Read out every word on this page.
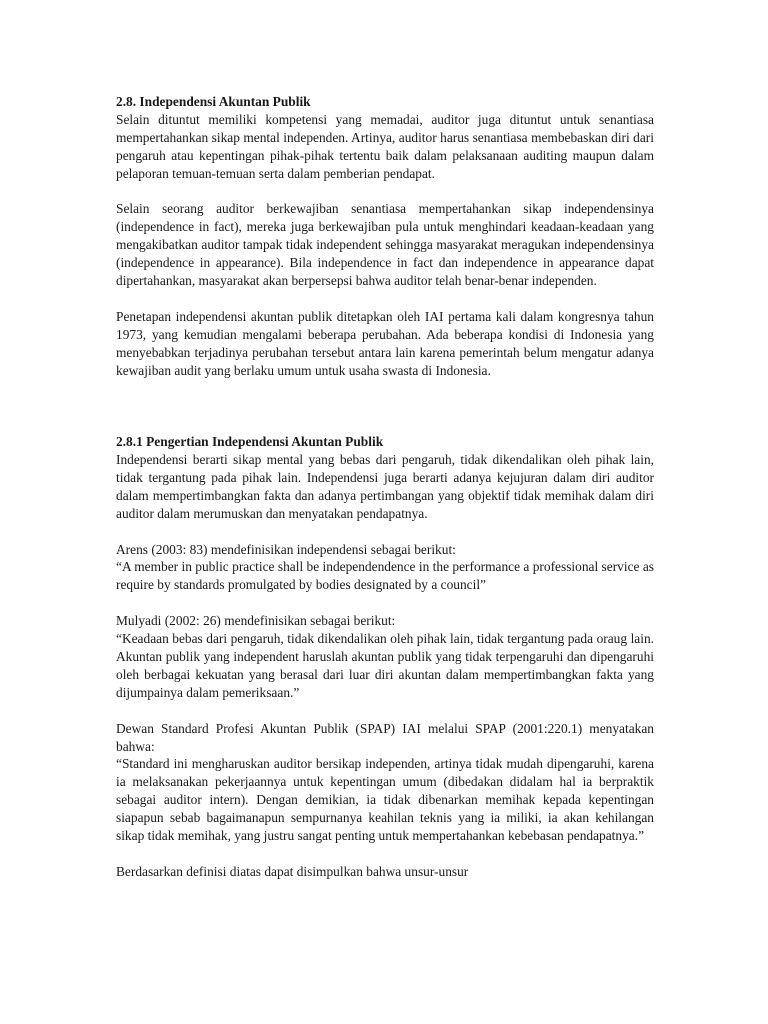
2.8. Independensi Akuntan Publik

Selain dituntut memiliki kompetensi yang memadai, auditor juga dituntut untuk senantiasa mempertahankan sikap mental independen. Artinya, auditor harus senantiasa membebaskan diri dari pengaruh atau kepentingan pihak-pihak tertentu baik dalam pelaksanaan auditing maupun dalam pelaporan temuan-temuan serta dalam pemberian pendapat.

Selain seorang auditor berkewajiban senantiasa mempertahankan sikap independensinya (independence in fact), mereka juga berkewajiban pula untuk menghindari keadaan-keadaan yang mengakibatkan auditor tampak tidak independent sehingga masyarakat meragukan independensinya (independence in appearance). Bila independence in fact dan independence in appearance dapat dipertahankan, masyarakat akan berpersepsi bahwa auditor telah benar-benar independen.

Penetapan independensi akuntan publik ditetapkan oleh IAI pertama kali dalam kongresnya tahun 1973, yang kemudian mengalami beberapa perubahan. Ada beberapa kondisi di Indonesia yang menyebabkan terjadinya perubahan tersebut antara lain karena pemerintah belum mengatur adanya kewajiban audit yang berlaku umum untuk usaha swasta di Indonesia.

2.8.1 Pengertian Independensi Akuntan Publik

Independensi berarti sikap mental yang bebas dari pengaruh, tidak dikendalikan oleh pihak lain, tidak tergantung pada pihak lain. Independensi juga berarti adanya kejujuran dalam diri auditor dalam mempertimbangkan fakta dan adanya pertimbangan yang objektif tidak memihak dalam diri auditor dalam merumuskan dan menyatakan pendapatnya.

Arens (2003: 83) mendefinisikan independensi sebagai berikut:

“A member in public practice shall be independendence in the performance a professional service as require by standards promulgated by bodies designated by a council”

Mulyadi (2002: 26) mendefinisikan sebagai berikut:

“Keadaan bebas dari pengaruh, tidak dikendalikan oleh pihak lain, tidak tergantung pada oraug lain. Akuntan publik yang independent haruslah akuntan publik yang tidak terpengaruhi dan dipengaruhi oleh berbagai kekuatan yang berasal dari luar diri akuntan dalam mempertimbangkan fakta yang dijumpainya dalam pemeriksaan.”

Dewan Standard Profesi Akuntan Publik (SPAP) IAI melalui SPAP (2001:220.1) menyatakan bahwa:

“Standard ini mengharuskan auditor bersikap independen, artinya tidak mudah dipengaruhi, karena ia melaksanakan pekerjaannya untuk kepentingan umum (dibedakan didalam hal ia berpraktik sebagai auditor intern). Dengan demikian, ia tidak dibenarkan memihak kepada kepentingan siapapun sebab bagaimanapun sempurnanya keahilan teknis yang ia miliki, ia akan kehilangan sikap tidak memihak, yang justru sangat penting untuk mempertahankan kebebasan pendapatnya.”

Berdasarkan definisi diatas dapat disimpulkan bahwa unsur-unsur
